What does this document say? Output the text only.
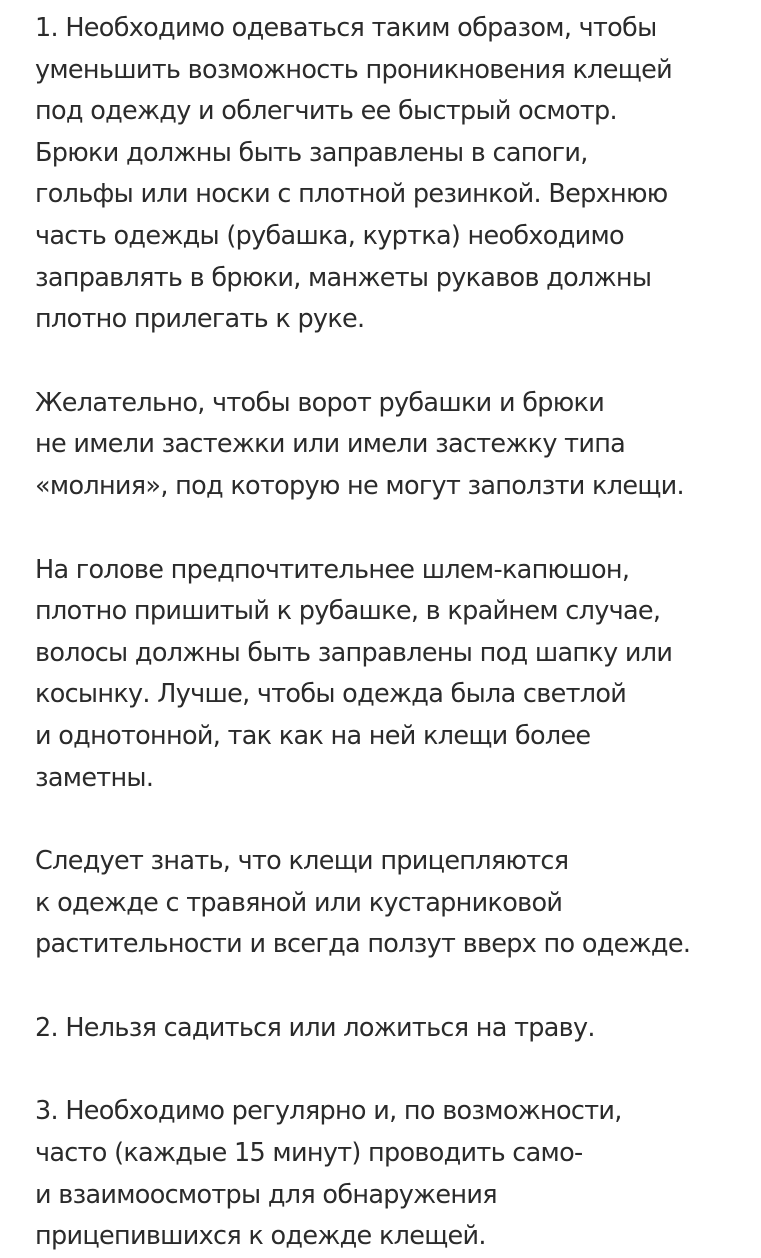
1. Необходимо одеваться таким образом, чтобы
уменьшить возможность проникновения клещей
под одежду и облегчить ее быстрый осмотр.
Брюки должны быть заправлены в сапоги,
гольфы или носки с плотной резинкой. Верхнюю
часть одежды (рубашка, куртка) необходимо
заправлять в брюки, манжеты рукавов должны
плотно прилегать к руке.

Желательно, чтобы ворот рубашки и брюки
не имели застежки или имели застежку типа
«молния», под которую не могут заползти клещи.

На голове предпочтительнее шлем-капюшон,
плотно пришитый к рубашке, в крайнем случае,
волосы должны быть заправлены под шапку или
косынку. Лучше, чтобы одежда была светлой
и однотонной, так как на ней клещи более
заметны.

Следует знать, что клещи прицепляются
к одежде с травяной или кустарниковой
растительности и всегда ползут вверх по одежде.

2. Нельзя садиться или ложиться на траву.

3. Необходимо регулярно и, по возможности,
часто (каждые 15 минут) проводить само-
и взаимоосмотры для обнаружения
прицепившихся к одежде клещей.
